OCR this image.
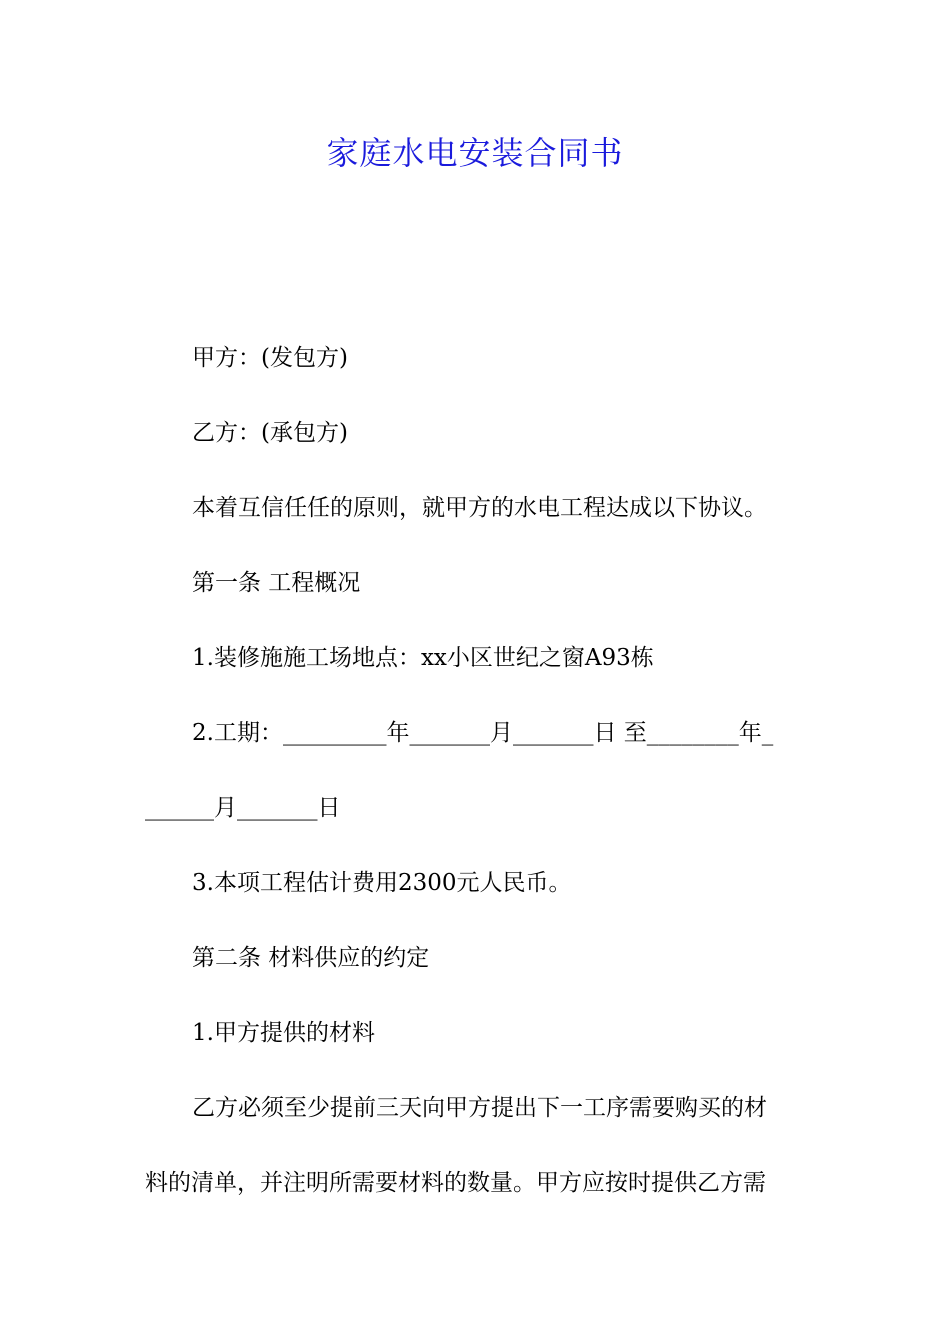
家庭水电安装合同书
甲方：(发包方)
乙方：(承包方)
本着互信任任的原则，就甲方的水电工程达成以下协议。
第一条 工程概况
1.装修施施工场地点：xx小区世纪之窗A93栋
2.工期：_________年_______月_______日 至________年_
______月_______日
3.本项工程估计费用2300元人民币。
第二条 材料供应的约定
1.甲方提供的材料
乙方必须至少提前三天向甲方提出下一工序需要购买的材
料的清单，并注明所需要材料的数量。甲方应按时提供乙方需
